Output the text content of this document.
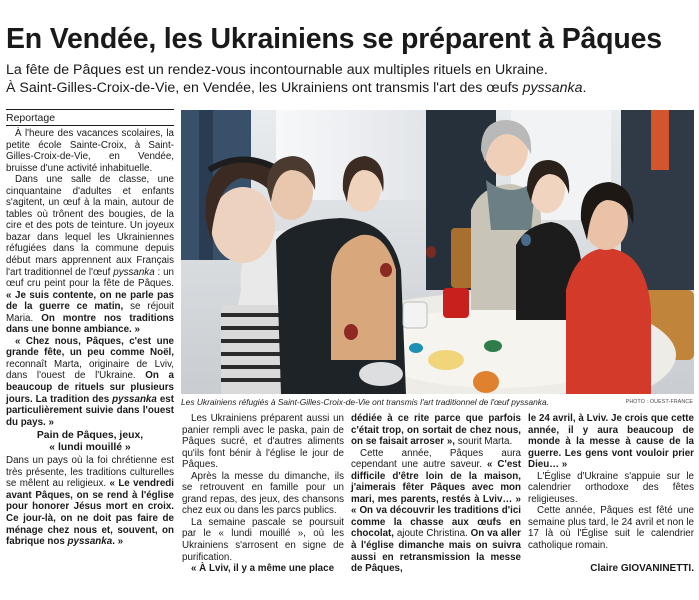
En Vendée, les Ukrainiens se préparent à Pâques

La fête de Pâques est un rendez-vous incontournable aux multiples rituels en Ukraine.

À Saint-Gilles-Croix-de-Vie, en Vendée, les Ukrainiens ont transmis l'art des œufs pyssanka.

Reportage

À l'heure des vacances scolaires, la petite école Sainte-Croix, à Saint-Gilles-Croix-de-Vie, en Vendée, bruisse d'une activité inhabituelle.

Dans une salle de classe, une cinquantaine d'adultes et enfants s'agitent, un œuf à la main, autour de tables où trônent des bougies, de la cire et des pots de teinture. Un joyeux bazar dans lequel les Ukrainiennes réfugiées dans la commune depuis début mars apprennent aux Français l'art traditionnel de l'œuf pyssanka : un œuf cru peint pour la fête de Pâques. « Je suis contente, on ne parle pas de la guerre ce matin, se réjouit Maria. On montre nos traditions dans une bonne ambiance. »

« Chez nous, Pâques, c'est une grande fête, un peu comme Noël, reconnaît Marta, originaire de Lviv, dans l'ouest de l'Ukraine. On a beaucoup de rituels sur plusieurs jours. La tradition des pyssanka est particulièrement suivie dans l'ouest du pays. »

Pain de Pâques, jeux,
« lundi mouillé »

Dans un pays où la foi chrétienne est très présente, les traditions culturelles se mêlent au religieux. « Le vendredi avant Pâques, on se rend à l'église pour honorer Jésus mort en croix. Ce jour-là, on ne doit pas faire de ménage chez nous et, souvent, on fabrique nos pyssanka. »

Les Ukrainiens réfugiés à Saint-Gilles-Croix-de-Vie ont transmis l'art traditionnel de l'œuf pyssanka.	PHOTO : OUEST-FRANCE

Les Ukrainiens préparent aussi un panier rempli avec le paska, pain de Pâques sucré, et d'autres aliments qu'ils font bénir à l'église le jour de Pâques.

Après la messe du dimanche, ils se retrouvent en famille pour un grand repas, des jeux, des chansons chez eux ou dans les parcs publics.

La semaine pascale se poursuit par le « lundi mouillé », où les Ukrainiens s'arrosent en signe de purification.

« À Lviv, il y a même une place

dédiée à ce rite parce que parfois c'était trop, on sortait de chez nous, on se faisait arroser », sourit Marta.

Cette année, Pâques aura cependant une autre saveur. « C'est difficile d'être loin de la maison, j'aimerais fêter Pâques avec mon mari, mes parents, restés à Lviv… » « On va découvrir les traditions d'ici comme la chasse aux œufs en chocolat, ajoute Christina. On va aller à l'église dimanche mais on suivra aussi en retransmission la messe de Pâques,

le 24 avril, à Lviv. Je crois que cette année, il y aura beaucoup de monde à la messe à cause de la guerre. Les gens vont vouloir prier Dieu… »

L'Église d'Ukraine s'appuie sur le calendrier orthodoxe des fêtes religieuses.

Cette année, Pâques est fêté une semaine plus tard, le 24 avril et non le 17 là où l'Église suit le calendrier catholique romain.

Claire GIOVANINETTI.
